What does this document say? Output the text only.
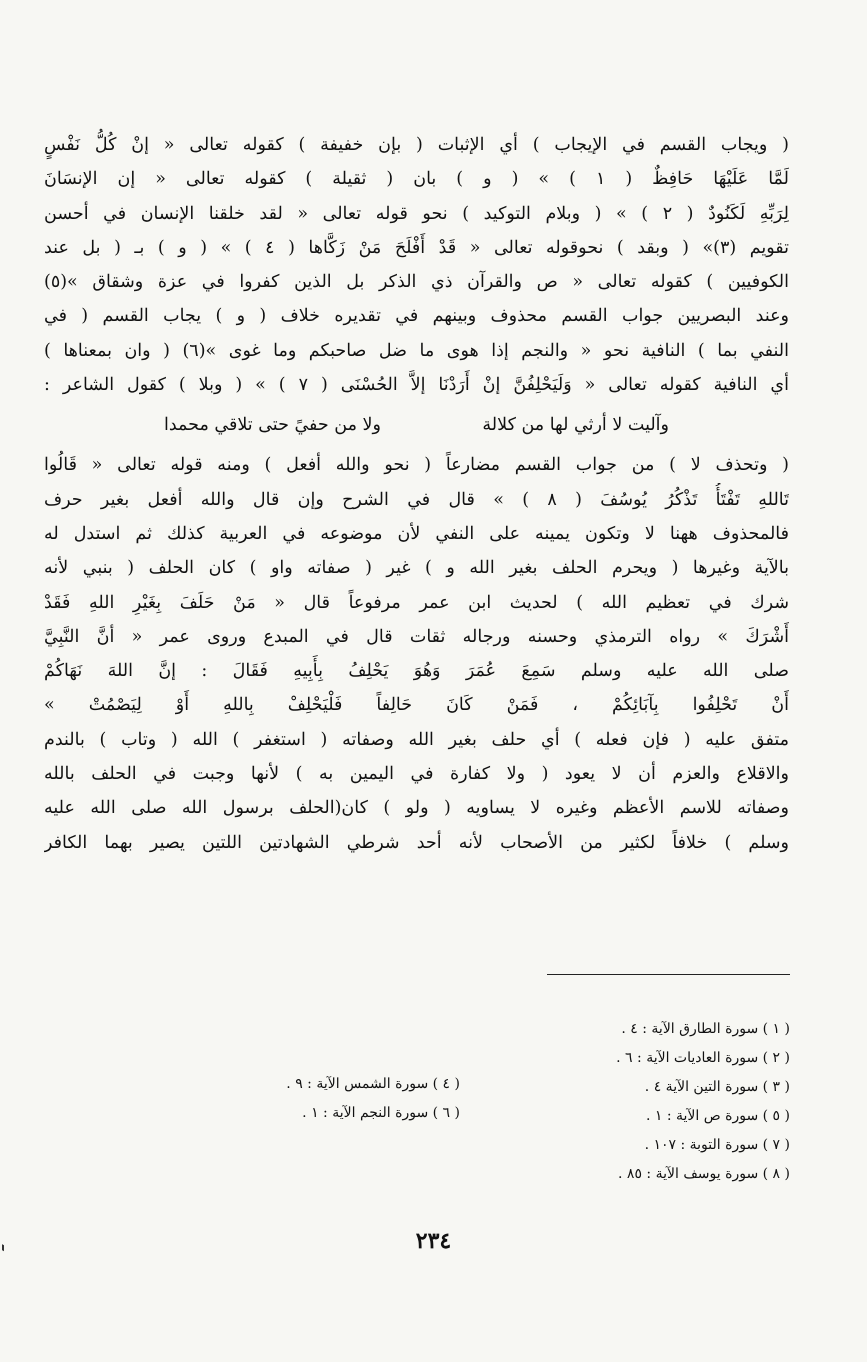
( ويجاب القسم في الإيجاب ) أي الإثبات ( بإن خفيفة ) كقوله تعالى « إنْ كُلُّ نَفْسٍ
لَمَّا عَلَيْهَا حَافِظٌ ( ١ ) » ( و ) بان ( ثقيلة ) كقوله تعالى « إن الإنسَانَ
لِرَبِّهِ لَكَنُودٌ ( ٢ ) » ( وبلام التوكيد ) نحو قوله تعالى « لقد خلقنا الإنسان في أحسن
تقويم (٣)» ( وبقد ) نحوقوله تعالى « قَدْ أَفْلَحَ مَنْ زَكَّاها ( ٤ ) » ( و ) بـ ( بل عند
الكوفيين ) كقوله تعالى « ص والقرآن ذي الذكر بل الذين كفروا في عزة وشقاق »(٥)
وعند البصريين جواب القسم محذوف وبينهم في تقديره خلاف ( و ) يجاب القسم ( في
النفي بما ) النافية نحو « والنجم إذا هوى ما ضل صاحبكم وما غوى »(٦) ( وان بمعناها )
أي النافية كقوله تعالى « وَلَيَحْلِفُنَّ إنْ أَرَدْنَا إلاَّ الحُسْنَى ( ٧ ) » ( وبلا ) كقول الشاعر :
وآليت لا أرثي لها من كلالة
ولا من حفيً حتى تلاقي محمدا
( وتحذف لا ) من جواب القسم مضارعاً ( نحو والله أفعل ) ومنه قوله تعالى « قَالُوا
تَاللهِ تَفْتَأُ تَذْكُرُ يُوسُفَ ( ٨ ) » قال في الشرح وإن قال والله أفعل بغير حرف
فالمحذوف ههنا لا وتكون يمينه على النفي لأن موضوعه في العربية كذلك ثم استدل له
بالآية وغيرها ( ويحرم الحلف بغير الله و ) غير ( صفاته واو ) كان الحلف ( بنبي لأنه
شرك في تعظيم الله ) لحديث ابن عمر مرفوعاً قال « مَنْ حَلَفَ بِغَيْرِ اللهِ فَقَدْ
أَشْرَكَ » رواه الترمذي وحسنه ورجاله ثقات قال في المبدع وروى عمر « أنَّ النَّبِيَّ
صلى الله عليه وسلم سَمِعَ عُمَرَ وَهُوَ يَحْلِفُ بِأَبِيهِ فَقَالَ : إنَّ اللهَ نَهَاكُمْ
أَنْ تَحْلِفُوا بِآبَائِكُمْ ، فَمَنْ كَانَ حَالِفاً فَلْيَحْلِفْ بِاللهِ أَوْ لِيَصْمُتْ »
متفق عليه ( فإن فعله ) أي حلف بغير الله وصفاته ( استغفر ) الله ( وتاب ) بالندم
والاقلاع والعزم أن لا يعود ( ولا كفارة في اليمين به ) لأنها وجبت في الحلف بالله
وصفاته للاسم الأعظم وغيره لا يساويه ( ولو ) كان(الحلف برسول الله صلى الله عليه
وسلم ) خلافاً لكثير من الأصحاب لأنه أحد شرطي الشهادتين اللتين يصير بهما الكافر
( ١ ) سورة الطارق الآية : ٤ .
( ٢ ) سورة العاديات الآية : ٦ .
( ٣ ) سورة التين الآية ٤ .
( ٥ ) سورة ص الآية : ١ .
( ٧ ) سورة التوبة : ١٠٧ .
( ٨ ) سورة يوسف الآية : ٨٥ .
( ٤ ) سورة الشمس الآية : ٩ .
( ٦ ) سورة النجم الآية : ١ .
٢٣٤
